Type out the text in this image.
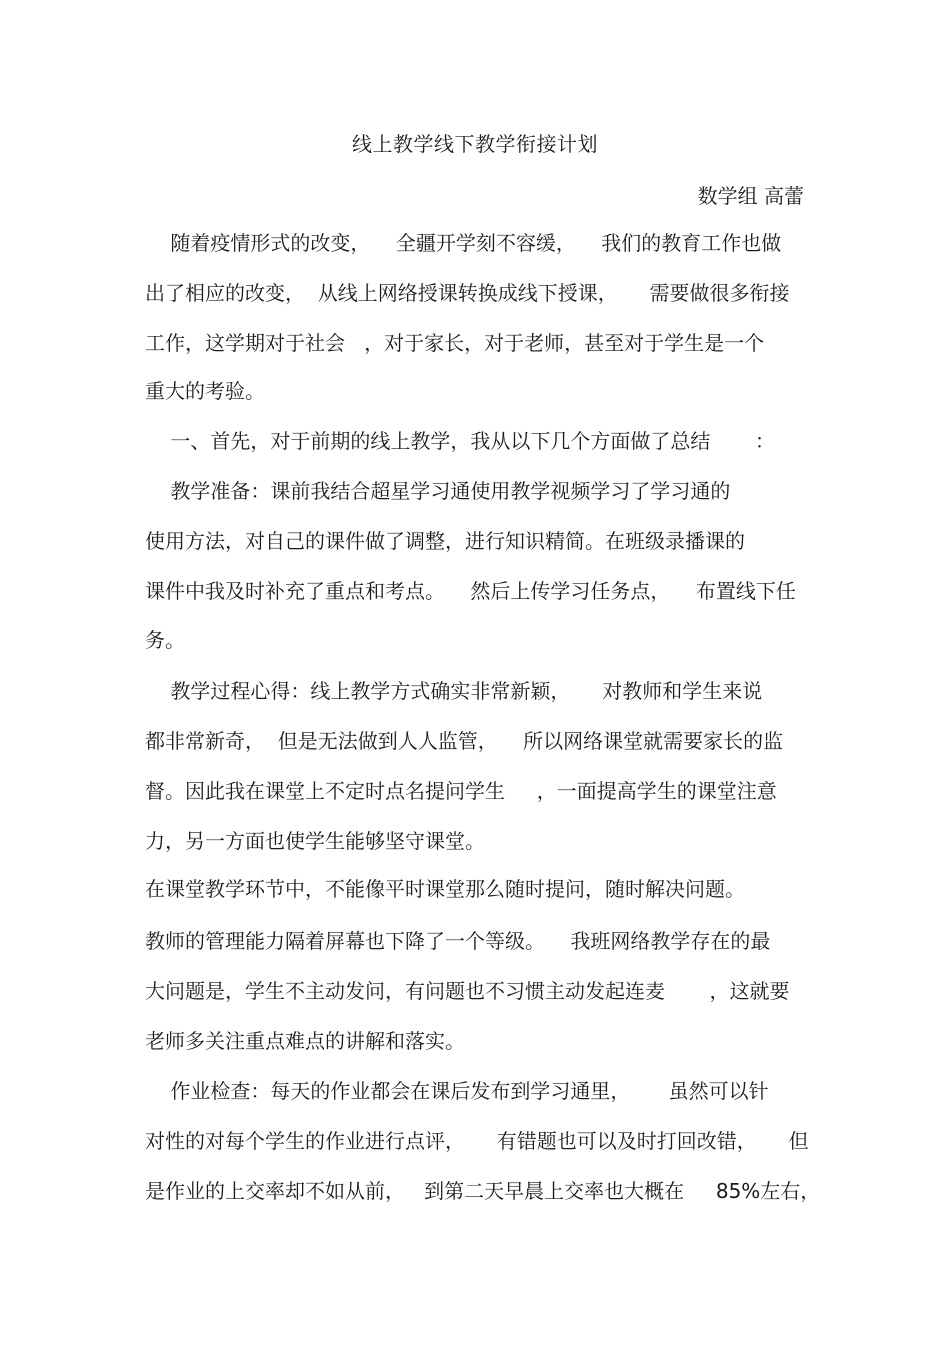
线上教学线下教学衔接计划
数学组 高蕾
随着疫情形式的改变，    全疆开学刻不容缓，    我们的教育工作也做
出了相应的改变，  从线上网络授课转换成线下授课，     需要做很多衔接
工作，这学期对于社会   ，对于家长，对于老师，甚至对于学生是一个
重大的考验。
一、首先，对于前期的线上教学，我从以下几个方面做了总结       ：
教学准备：课前我结合超星学习通使用教学视频学习了学习通的
使用方法，对自己的课件做了调整，进行知识精简。在班级录播课的
课件中我及时补充了重点和考点。    然后上传学习任务点，    布置线下任
务。
教学过程心得：线上教学方式确实非常新颖，     对教师和学生来说
都非常新奇，  但是无法做到人人监管，    所以网络课堂就需要家长的监
督。因此我在课堂上不定时点名提问学生     ，一面提高学生的课堂注意
力，另一方面也使学生能够坚守课堂。
在课堂教学环节中，不能像平时课堂那么随时提问，随时解决问题。
教师的管理能力隔着屏幕也下降了一个等级。    我班网络教学存在的最
大问题是，学生不主动发问，有问题也不习惯主动发起连麦       ，这就要
老师多关注重点难点的讲解和落实。
作业检查：每天的作业都会在课后发布到学习通里，      虽然可以针
对性的对每个学生的作业进行点评，     有错题也可以及时打回改错，     但
是作业的上交率却不如从前，   到第二天早晨上交率也大概在     85%左右，
